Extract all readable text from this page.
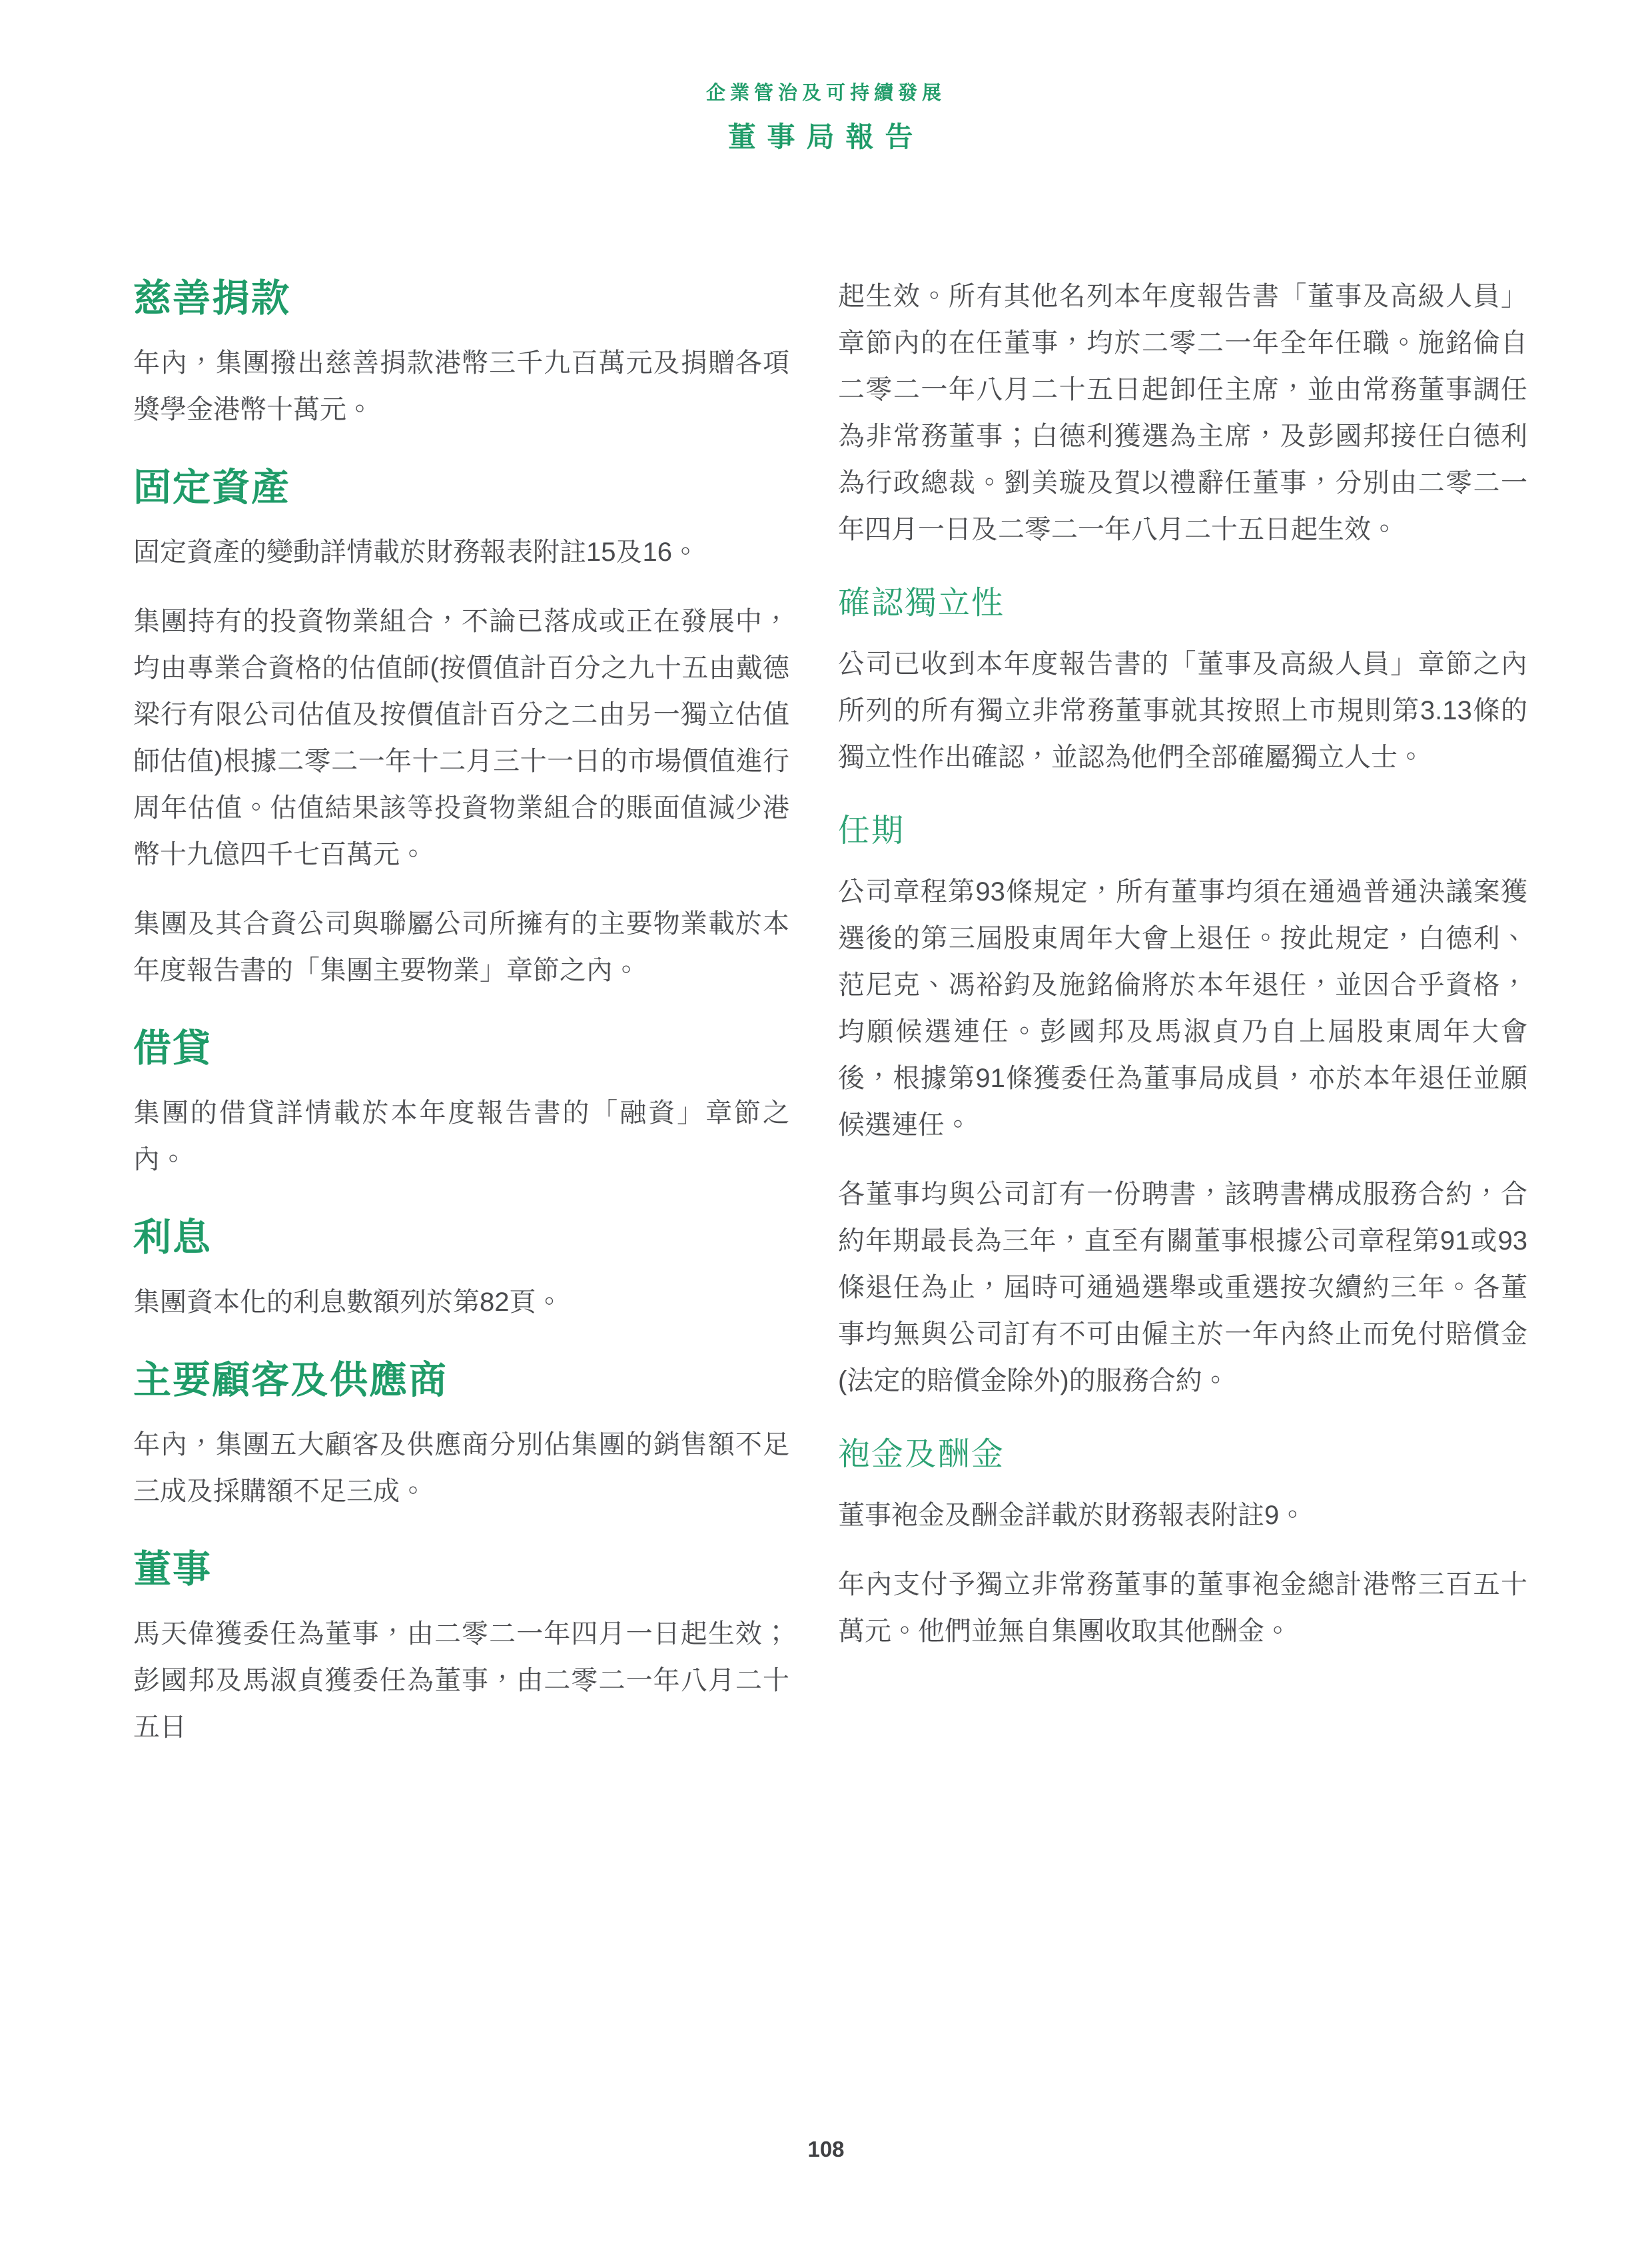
企業管治及可持續發展
董事局報告
慈善捐款

年內，集團撥出慈善捐款港幣三千九百萬元及捐贈各項獎學金港幣十萬元。

固定資產

固定資產的變動詳情載於財務報表附註15及16。

集團持有的投資物業組合，不論已落成或正在發展中，均由專業合資格的估值師(按價值計百分之九十五由戴德梁行有限公司估值及按價值計百分之二由另一獨立估值師估值)根據二零二一年十二月三十一日的市場價值進行周年估值。估值結果該等投資物業組合的賬面值減少港幣十九億四千七百萬元。

集團及其合資公司與聯屬公司所擁有的主要物業載於本年度報告書的「集團主要物業」章節之內。

借貸

集團的借貸詳情載於本年度報告書的「融資」章節之內。

利息

集團資本化的利息數額列於第82頁。

主要顧客及供應商

年內，集團五大顧客及供應商分別佔集團的銷售額不足三成及採購額不足三成。

董事

馬天偉獲委任為董事，由二零二一年四月一日起生效；彭國邦及馬淑貞獲委任為董事，由二零二一年八月二十五日

起生效。所有其他名列本年度報告書「董事及高級人員」章節內的在任董事，均於二零二一年全年任職。施銘倫自二零二一年八月二十五日起卸任主席，並由常務董事調任為非常務董事；白德利獲選為主席，及彭國邦接任白德利為行政總裁。劉美璇及賀以禮辭任董事，分別由二零二一年四月一日及二零二一年八月二十五日起生效。

確認獨立性

公司已收到本年度報告書的「董事及高級人員」章節之內所列的所有獨立非常務董事就其按照上市規則第3.13條的獨立性作出確認，並認為他們全部確屬獨立人士。

任期

公司章程第93條規定，所有董事均須在通過普通決議案獲選後的第三屆股東周年大會上退任。按此規定，白德利、范尼克、馮裕鈞及施銘倫將於本年退任，並因合乎資格，均願候選連任。彭國邦及馬淑貞乃自上屆股東周年大會後，根據第91條獲委任為董事局成員，亦於本年退任並願候選連任。

各董事均與公司訂有一份聘書，該聘書構成服務合約，合約年期最長為三年，直至有關董事根據公司章程第91或93條退任為止，屆時可通過選舉或重選按次續約三年。各董事均無與公司訂有不可由僱主於一年內終止而免付賠償金(法定的賠償金除外)的服務合約。

袍金及酬金

董事袍金及酬金詳載於財務報表附註9。

年內支付予獨立非常務董事的董事袍金總計港幣三百五十萬元。他們並無自集團收取其他酬金。

108
